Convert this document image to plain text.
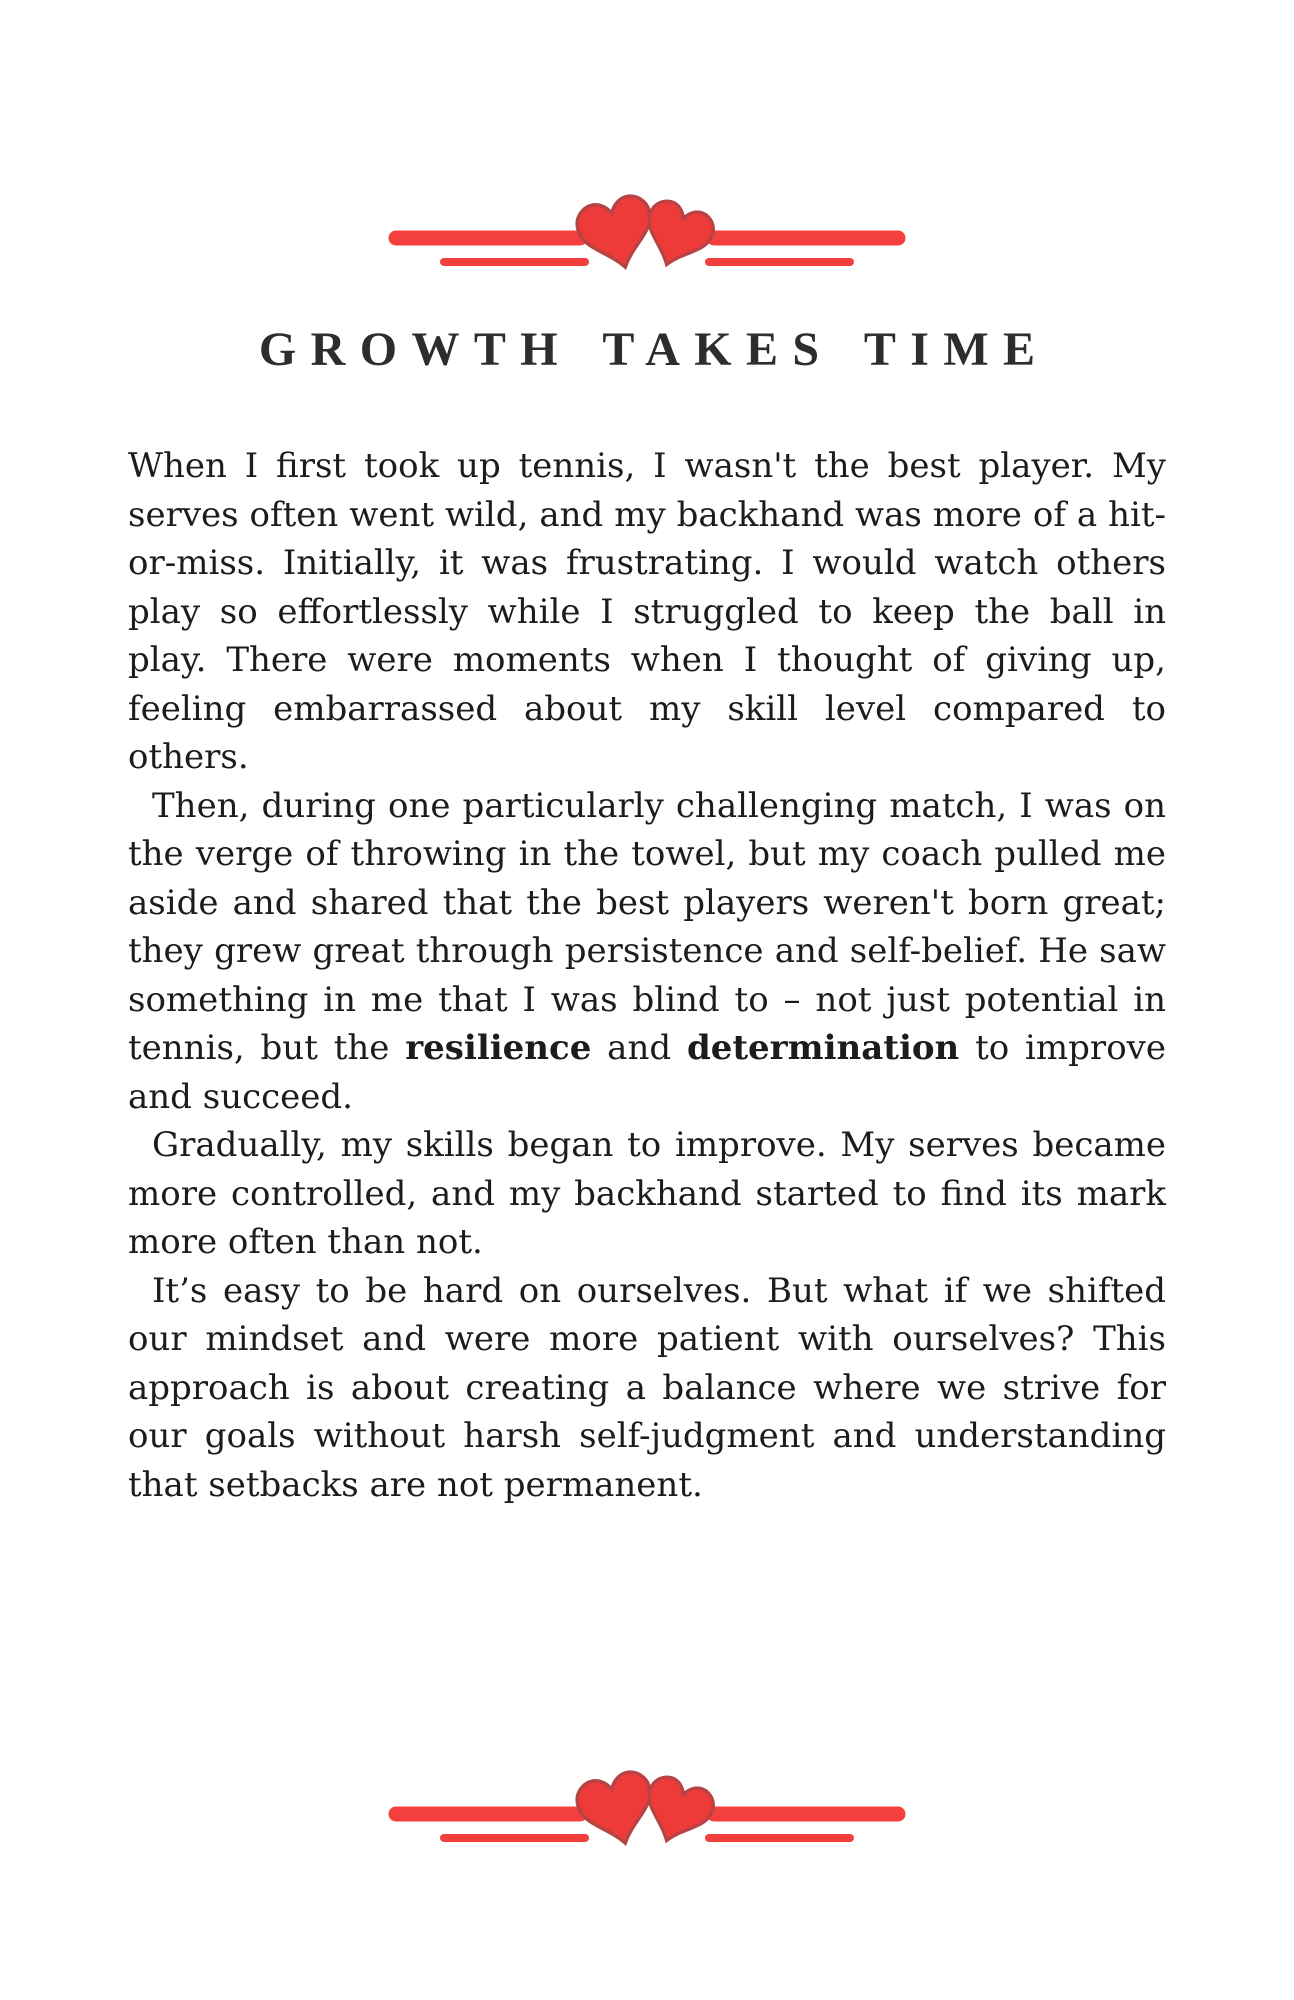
GROWTH TAKES TIME

When I first took up tennis, I wasn't the best player. My serves often went wild, and my backhand was more of a hit-or-miss. Initially, it was frustrating. I would watch others play so effortlessly while I struggled to keep the ball in play. There were moments when I thought of giving up, feeling embarrassed about my skill level compared to others.

Then, during one particularly challenging match, I was on the verge of throwing in the towel, but my coach pulled me aside and shared that the best players weren't born great; they grew great through persistence and self-belief. He saw something in me that I was blind to – not just potential in tennis, but the resilience and determination to improve and succeed.

Gradually, my skills began to improve. My serves became more controlled, and my backhand started to find its mark more often than not.

It’s easy to be hard on ourselves. But what if we shifted our mindset and were more patient with ourselves? This approach is about creating a balance where we strive for our goals without harsh self-judgment and understanding that setbacks are not permanent.
